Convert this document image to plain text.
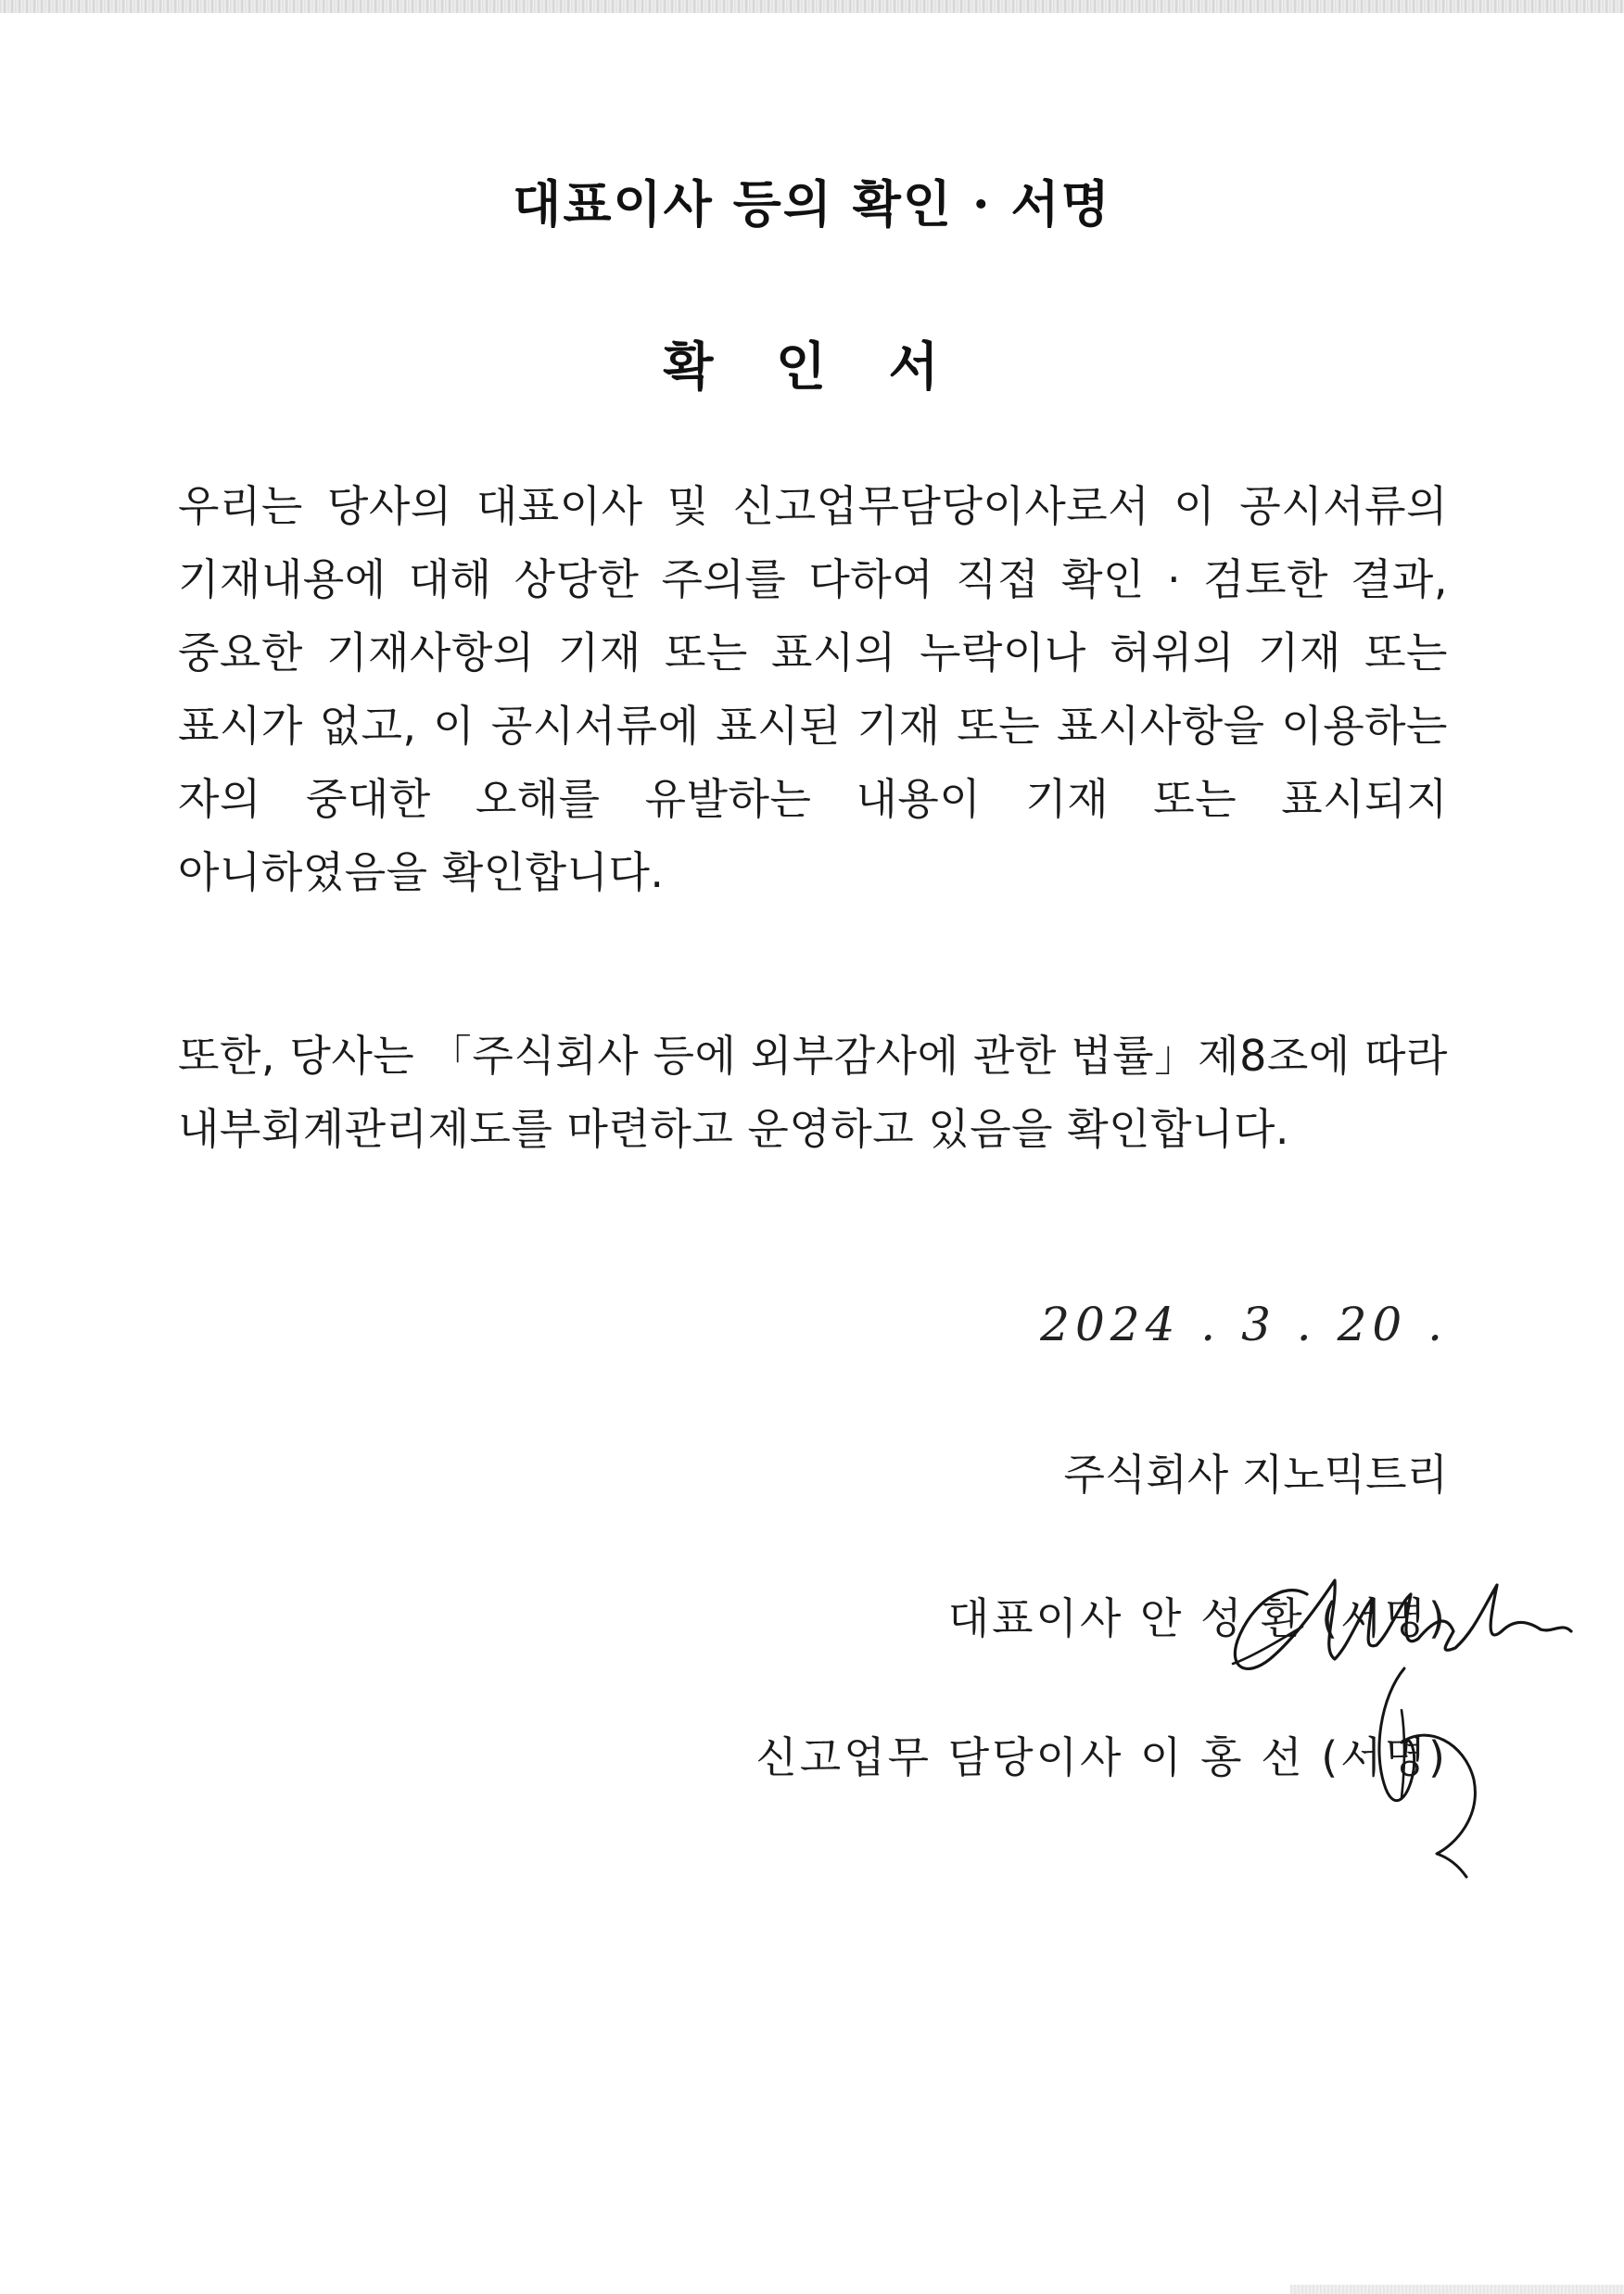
대표이사 등의 확인 · 서명
확 인 서

우리는 당사의 대표이사 및 신고업무담당이사로서 이 공시서류의 기재내용에 대해 상당한 주의를 다하여 직접 확인 · 검토한 결과, 중요한 기재사항의 기재 또는 표시의 누락이나 허위의 기재 또는 표시가 없고, 이 공시서류에 표시된 기재 또는 표시사항을 이용하는 자의 중대한 오해를 유발하는 내용이 기재 또는 표시되지 아니하였음을 확인합니다.

또한, 당사는 「주식회사 등에 외부감사에 관한 법률」제8조에 따라 내부회계관리제도를 마련하고 운영하고 있음을 확인합니다.

2024 . 3 . 20 .
주식회사 지노믹트리
대표이사 안 성 환 (서명)
신고업무 담당이사 이 홍 선 (서명)
